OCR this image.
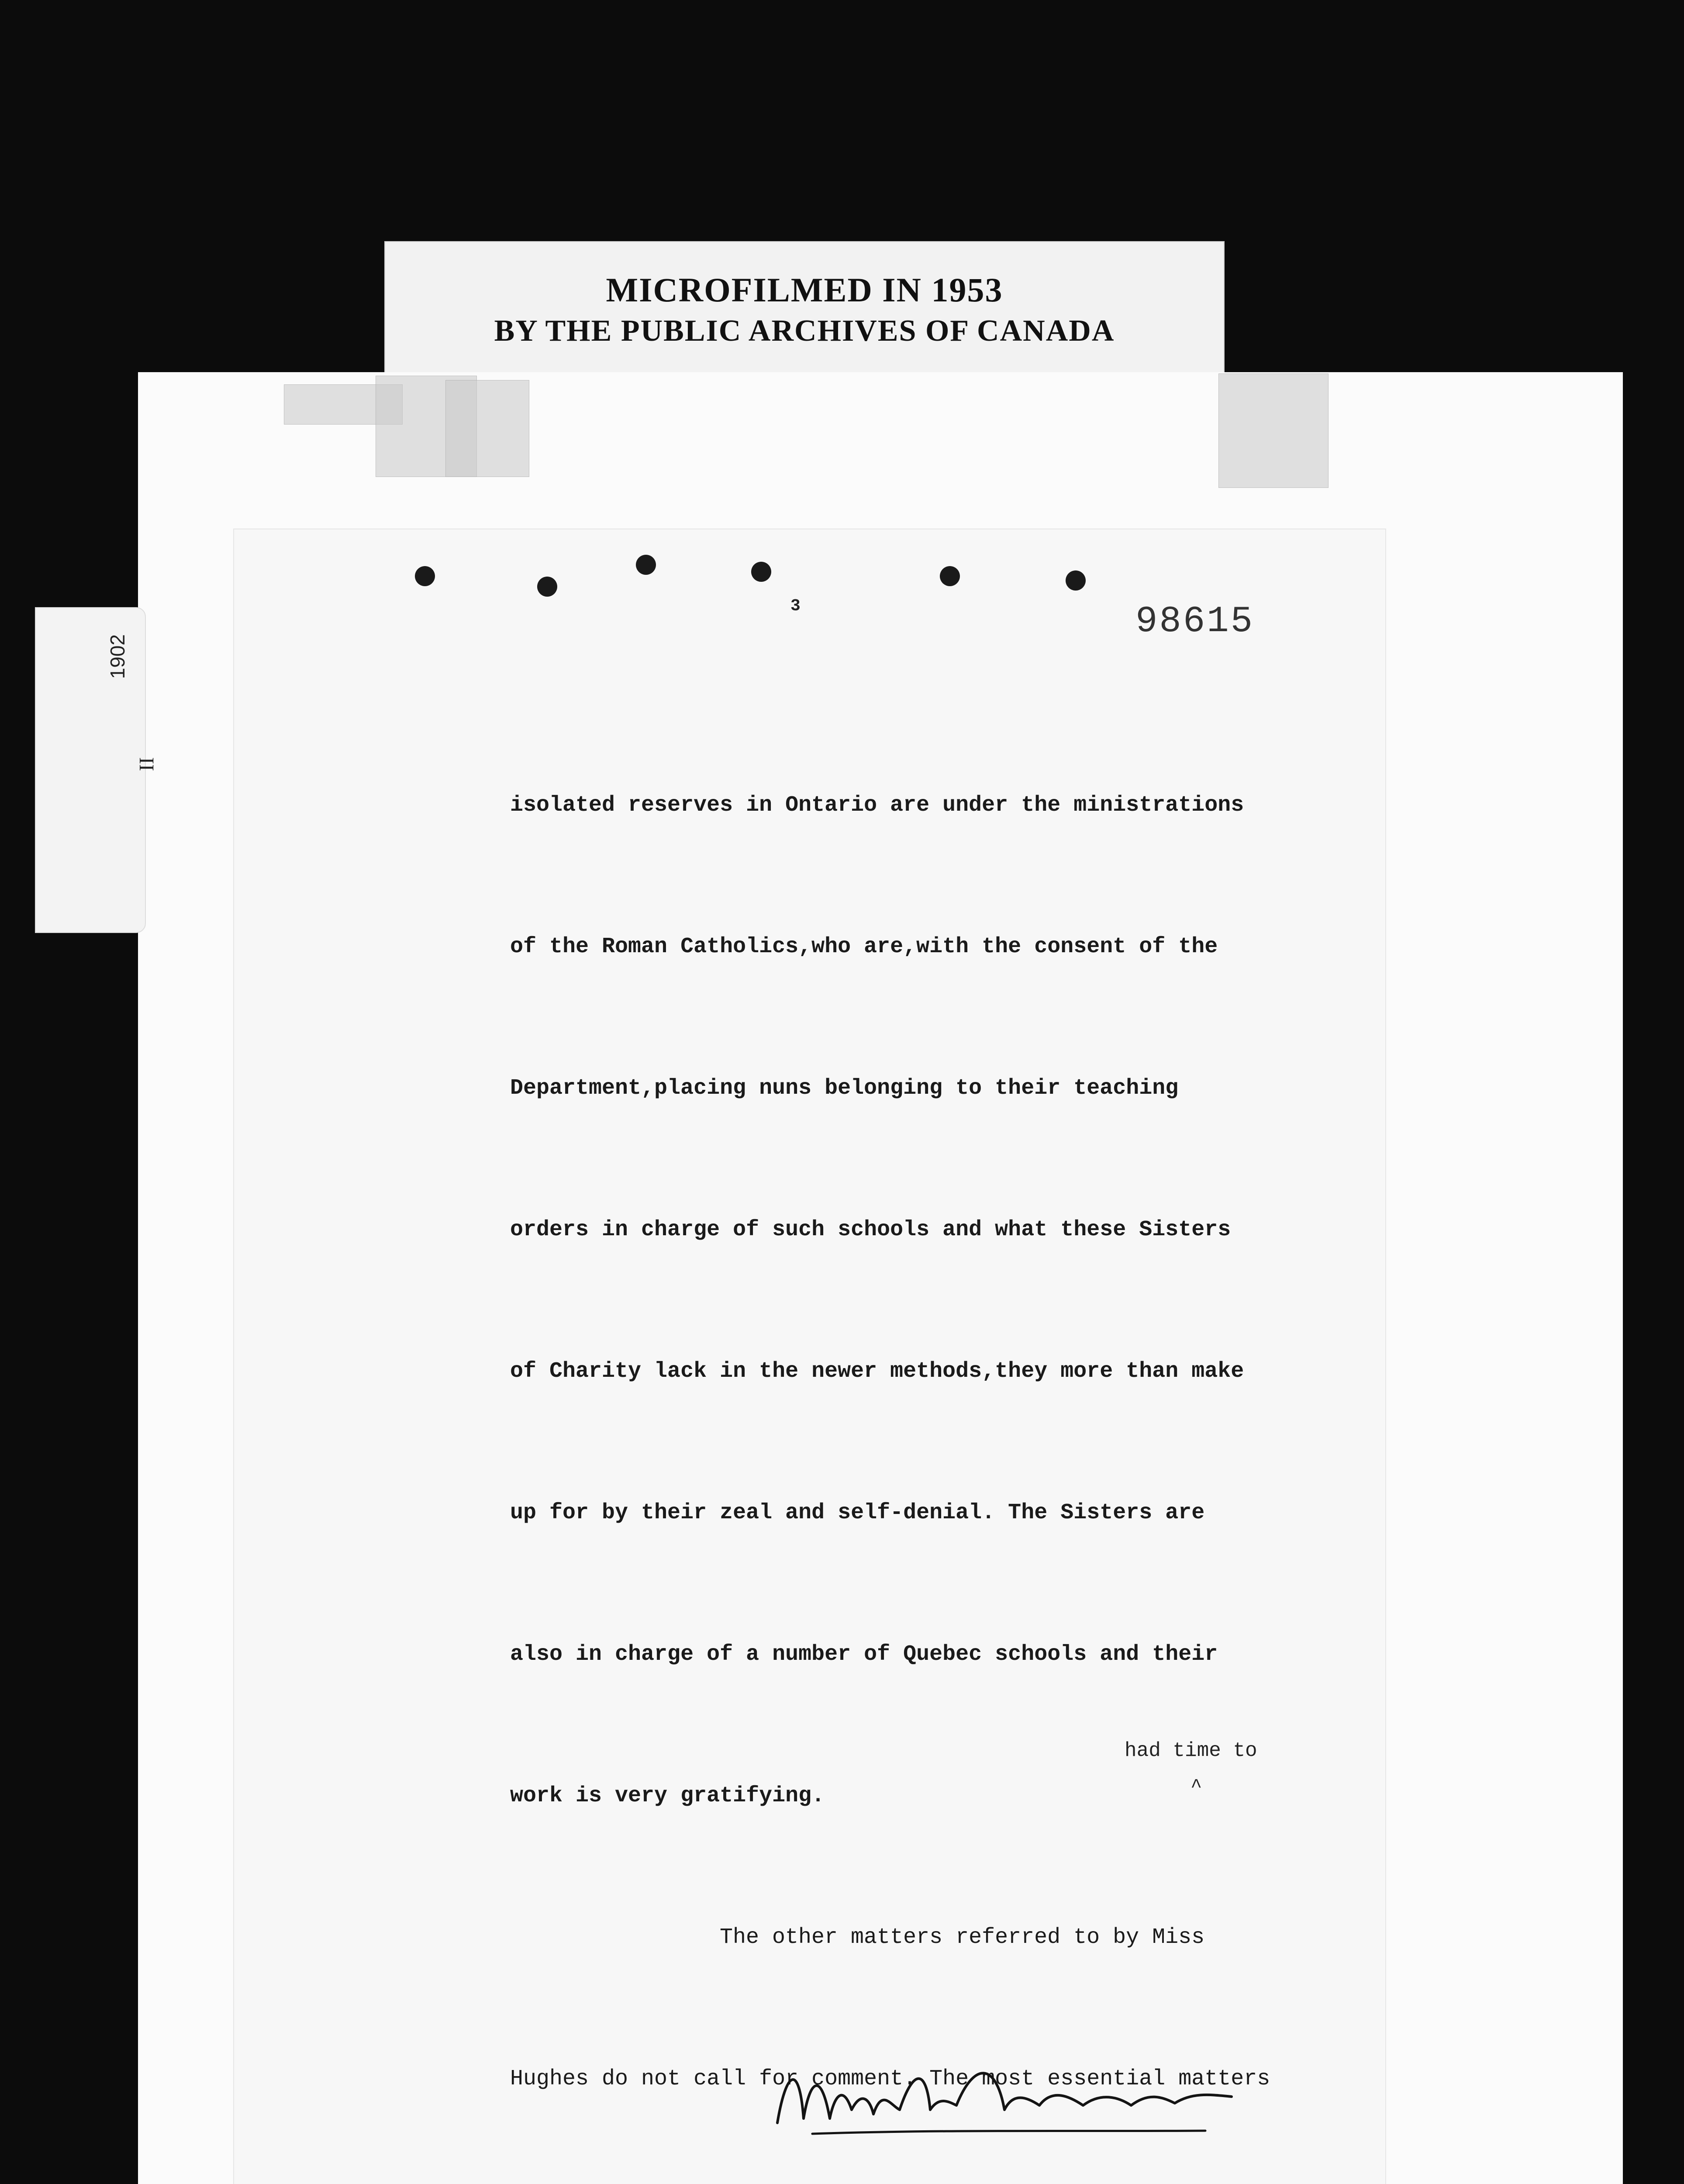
MICROFILMED IN 1953
BY THE PUBLIC ARCHIVES OF CANADA
1902
II
3	98615

isolated reserves in Ontario are under the ministrations

of the Roman Catholics,who are,with the consent of the

Department,placing nuns belonging to their teaching

orders in charge of such schools and what these Sisters

of Charity lack in the newer methods,they more than make

up for by their zeal and self-denial. The Sisters are

also in charge of a number of Quebec schools and their

work is very gratifying.

The other matters referred to by Miss

Hughes do not call for comment. The most essential matters

had time to
^
